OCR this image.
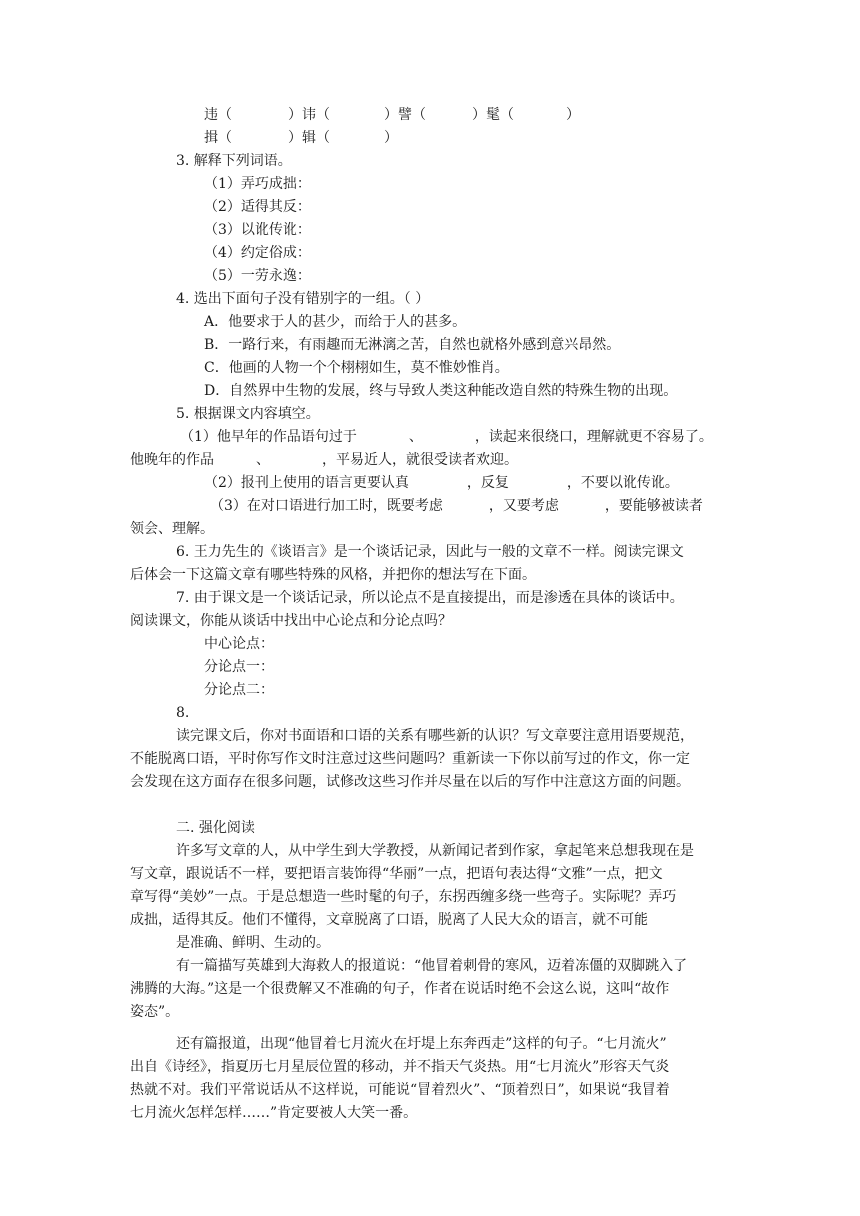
违（	）讳（	）譬（	）髦（	）
揖（	）辑（	）
3. 解释下列词语。
（1）弄巧成拙：
（2）适得其反：
（3）以讹传讹：
（4）约定俗成：
（5）一劳永逸：
4. 选出下面句子没有错别字的一组。（ ）
A．他要求于人的甚少，而给于人的甚多。
B．一路行来，有雨趣而无淋漓之苦，自然也就格外感到意兴昂然。
C．他画的人物一个个栩栩如生，莫不惟妙惟肖。
D．自然界中生物的发展，终与导致人类这种能改造自然的特殊生物的出现。
5. 根据课文内容填空。
（1）他早年的作品语句过于	、	，读起来很绕口，理解就更不容易了。
他晚年的作品	、	，平易近人，就很受读者欢迎。
（2）报刊上使用的语言更要认真	，反复	，不要以讹传讹。
（3）在对口语进行加工时，既要考虑	，又要考虑	，要能够被读者
领会、理解。
6. 王力先生的《谈语言》是一个谈话记录，因此与一般的文章不一样。阅读完课文
后体会一下这篇文章有哪些特殊的风格，并把你的想法写在下面。
7. 由于课文是一个谈话记录，所以论点不是直接提出，而是渗透在具体的谈话中。
阅读课文，你能从谈话中找出中心论点和分论点吗？
中心论点：
分论点一：
分论点二：
8.
读完课文后，你对书面语和口语的关系有哪些新的认识？写文章要注意用语要规范，
不能脱离口语，平时你写作文时注意过这些问题吗？重新读一下你以前写过的作文，你一定
会发现在这方面存在很多问题，试修改这些习作并尽量在以后的写作中注意这方面的问题。
二. 强化阅读
许多写文章的人，从中学生到大学教授，从新闻记者到作家，拿起笔来总想我现在是
写文章，跟说话不一样，要把语言装饰得“华丽”一点，把语句表达得“文雅”一点，把文
章写得“美妙”一点。于是总想造一些时髦的句子，东拐西缠多绕一些弯子。实际呢？弄巧
成拙，适得其反。他们不懂得，文章脱离了口语，脱离了人民大众的语言，就不可能
是准确、鲜明、生动的。
有一篇描写英雄到大海救人的报道说：“他冒着刺骨的寒风，迈着冻僵的双脚跳入了
沸腾的大海。”这是一个很费解又不准确的句子，作者在说话时绝不会这么说，这叫“故作
姿态”。
还有篇报道，出现“他冒着七月流火在圩堤上东奔西走”这样的句子。“七月流火”
出自《诗经》，指夏历七月星辰位置的移动，并不指天气炎热。用“七月流火”形容天气炎
热就不对。我们平常说话从不这样说，可能说“冒着烈火”、“顶着烈日”，如果说“我冒着
七月流火怎样怎样……”肯定要被人大笑一番。
